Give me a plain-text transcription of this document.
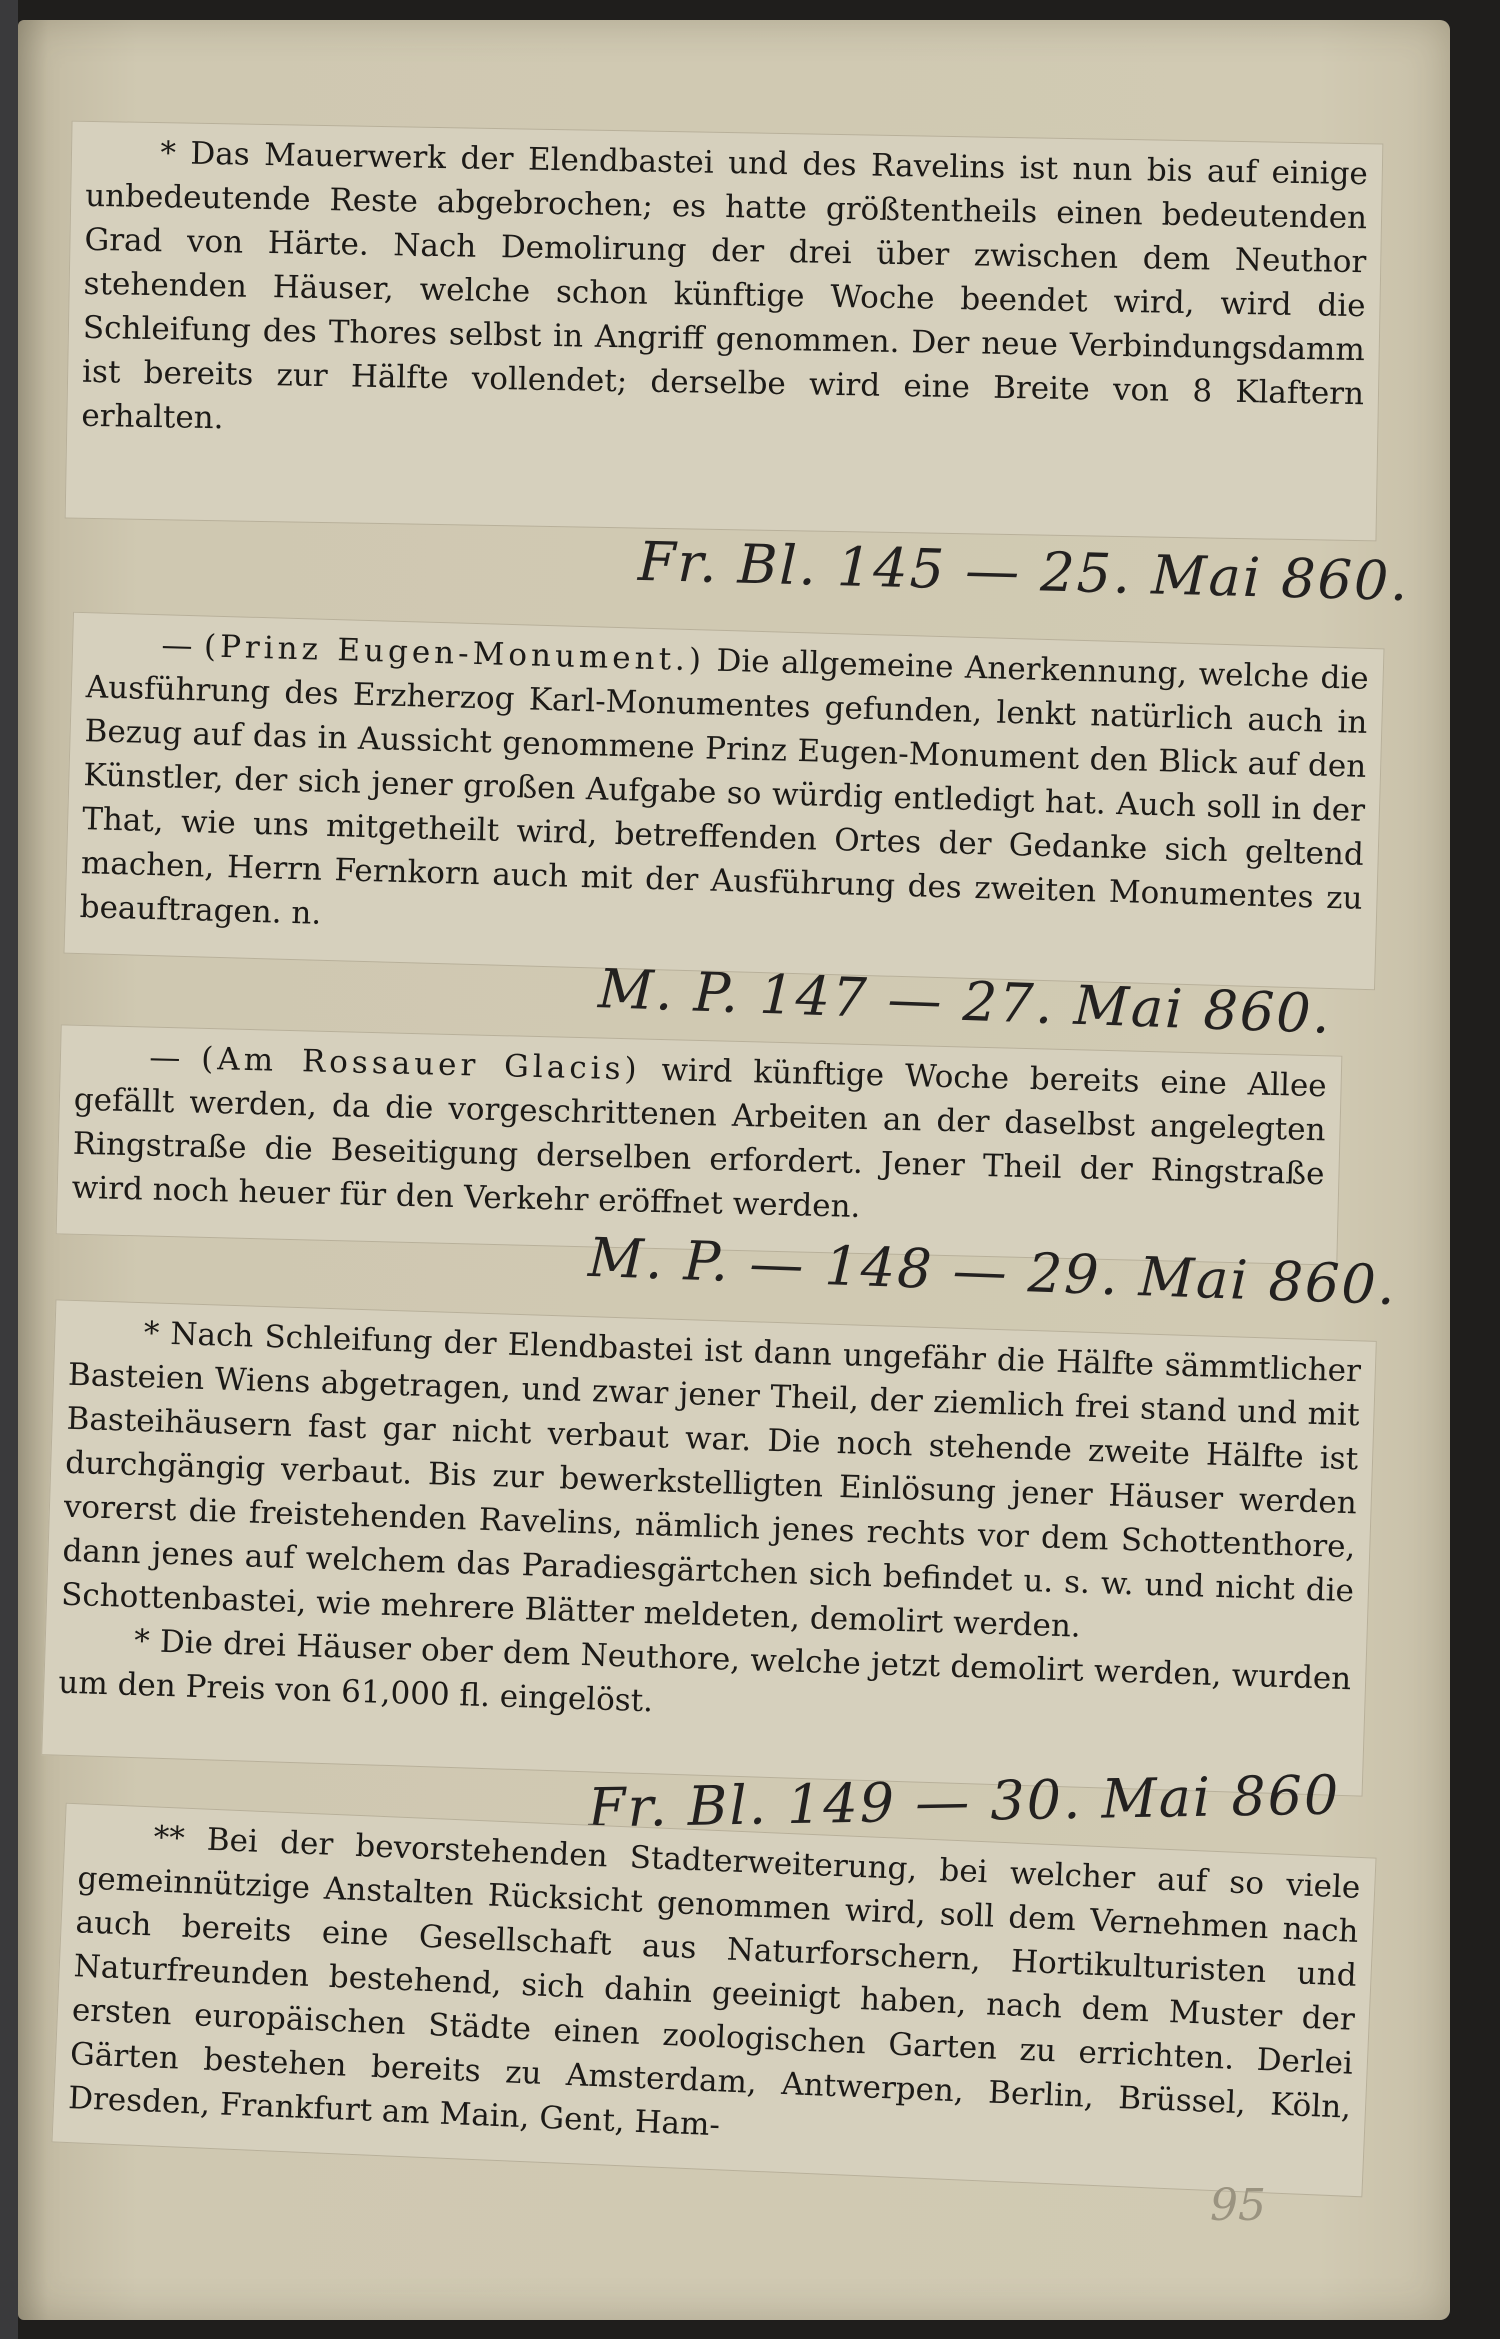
* Das Mauerwerk der Elendbastei und des Ravelins ist nun bis auf einige unbedeutende Reste abgebrochen; es hatte größtentheils einen bedeutenden Grad von Härte. Nach Demolirung der drei über zwischen dem Neuthor stehenden Häuser, welche schon künftige Woche beendet wird, wird die Schleifung des Thores selbst in Angriff genommen. Der neue Verbindungsdamm ist bereits zur Hälfte vollendet; derselbe wird eine Breite von 8 Klaftern erhalten.

Fr. Bl. 145 — 25. Mai 860.

— (Prinz Eugen-Monument.) Die allgemeine Anerkennung, welche die Ausführung des Erzherzog Karl-Monumentes gefunden, lenkt natürlich auch in Bezug auf das in Aussicht genommene Prinz Eugen-Monument den Blick auf den Künstler, der sich jener großen Aufgabe so würdig entledigt hat. Auch soll in der That, wie uns mitgetheilt wird, betreffenden Ortes der Gedanke sich geltend machen, Herrn Fernkorn auch mit der Ausführung des zweiten Monumentes zu beauftragen. n.

M. P. 147 — 27. Mai 860.

— (Am Rossauer Glacis) wird künftige Woche bereits eine Allee gefällt werden, da die vorgeschrittenen Arbeiten an der daselbst angelegten Ringstraße die Beseitigung derselben erfordert. Jener Theil der Ringstraße wird noch heuer für den Verkehr eröffnet werden.

M. P. — 148 — 29. Mai 860.

* Nach Schleifung der Elendbastei ist dann ungefähr die Hälfte sämmtlicher Basteien Wiens abgetragen, und zwar jener Theil, der ziemlich frei stand und mit Basteihäusern fast gar nicht verbaut war. Die noch stehende zweite Hälfte ist durchgängig verbaut. Bis zur bewerkstelligten Einlösung jener Häuser werden vorerst die freistehenden Ravelins, nämlich jenes rechts vor dem Schottenthore, dann jenes auf welchem das Paradiesgärtchen sich befindet u. s. w. und nicht die Schottenbastei, wie mehrere Blätter meldeten, demolirt werden.

* Die drei Häuser ober dem Neuthore, welche jetzt demolirt werden, wurden um den Preis von 61,000 fl. eingelöst.

Fr. Bl. 149 — 30. Mai 860

** Bei der bevorstehenden Stadterweiterung, bei welcher auf so viele gemeinnützige Anstalten Rücksicht genommen wird, soll dem Vernehmen nach auch bereits eine Gesellschaft aus Naturforschern, Hortikulturisten und Naturfreunden bestehend, sich dahin geeinigt haben, nach dem Muster der ersten europäischen Städte einen zoologischen Garten zu errichten. Derlei Gärten bestehen bereits zu Amsterdam, Antwerpen, Berlin, Brüssel, Köln, Dresden, Frankfurt am Main, Gent, Ham-

95
